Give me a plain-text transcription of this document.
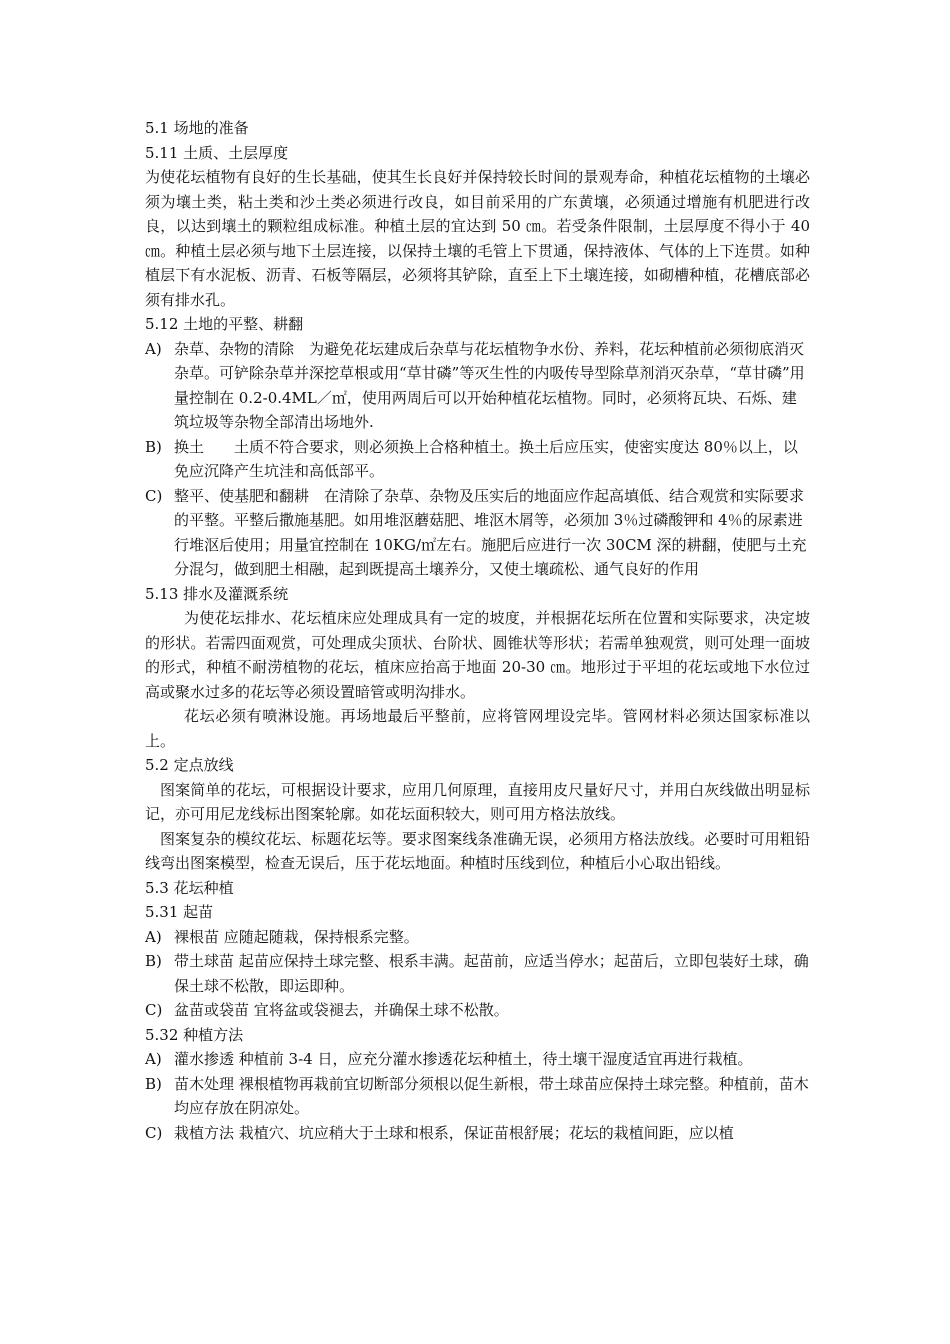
5.1 场地的准备

5.11 土质、土层厚度

为使花坛植物有良好的生长基础，使其生长良好并保持较长时间的景观寿命，种植花坛植物的土壤必须为壤土类，粘土类和沙土类必须进行改良，如目前采用的广东黄壤，必须通过增施有机肥进行改良，以达到壤土的颗粒组成标准。种植土层的宜达到 50 ㎝。若受条件限制，土层厚度不得小于 40 ㎝。种植土层必须与地下土层连接，以保持土壤的毛管上下贯通，保持液体、气体的上下连贯。如种植层下有水泥板、沥青、石板等隔层，必须将其铲除，直至上下土壤连接，如砌槽种植，花槽底部必须有排水孔。

5.12 土地的平整、耕翻

A) 杂草、杂物的清除　为避免花坛建成后杂草与花坛植物争水份、养料，花坛种植前必须彻底消灭杂草。可铲除杂草并深挖草根或用“草甘磷”等灭生性的内吸传导型除草剂消灭杂草，“草甘磷”用量控制在 0.2-0.4ML／㎡，使用两周后可以开始种植花坛植物。同时，必须将瓦块、石烁、建筑垃圾等杂物全部清出场地外.

B) 换土　　土质不符合要求，则必须换上合格种植土。换土后应压实，使密实度达 80％以上，以免应沉降产生坑洼和高低部平。

C) 整平、使基肥和翻耕　在清除了杂草、杂物及压实后的地面应作起高填低、结合观赏和实际要求的平整。平整后撒施基肥。如用堆沤蘑菇肥、堆沤木屑等，必须加 3％过磷酸钾和 4％的尿素进行堆沤后使用；用量宜控制在 10KG/㎡左右。施肥后应进行一次 30CM 深的耕翻，使肥与土充分混匀，做到肥土相融，起到既提高土壤养分，又使土壤疏松、通气良好的作用

5.13 排水及灌溉系统

为使花坛排水、花坛植床应处理成具有一定的坡度，并根据花坛所在位置和实际要求，决定坡的形状。若需四面观赏，可处理成尖顶状、台阶状、圆锥状等形状；若需单独观赏，则可处理一面坡的形式，种植不耐涝植物的花坛，植床应抬高于地面 20-30 ㎝。地形过于平坦的花坛或地下水位过高或聚水过多的花坛等必须设置暗管或明沟排水。

花坛必须有喷淋设施。再场地最后平整前，应将管网埋设完毕。管网材料必须达国家标准以上。

5.2 定点放线

图案简单的花坛，可根据设计要求，应用几何原理，直接用皮尺量好尺寸，并用白灰线做出明显标记，亦可用尼龙线标出图案轮廓。如花坛面积较大，则可用方格法放线。

图案复杂的模纹花坛、标题花坛等。要求图案线条准确无误，必须用方格法放线。必要时可用粗铅线弯出图案模型，检查无误后，压于花坛地面。种植时压线到位，种植后小心取出铅线。

5.3 花坛种植

5.31 起苗

A) 裸根苗 应随起随栽，保持根系完整。

B) 带土球苗 起苗应保持土球完整、根系丰满。起苗前，应适当停水；起苗后，立即包装好土球，确保土球不松散，即运即种。

C) 盆苗或袋苗 宜将盆或袋褪去，并确保土球不松散。

5.32 种植方法

A) 灌水掺透 种植前 3-4 日，应充分灌水掺透花坛种植土，待土壤干湿度适宜再进行栽植。

B) 苗木处理 裸根植物再栽前宜切断部分须根以促生新根，带土球苗应保持土球完整。种植前，苗木均应存放在阴凉处。

C) 栽植方法 栽植穴、坑应稍大于土球和根系，保证苗根舒展；花坛的栽植间距，应以植
